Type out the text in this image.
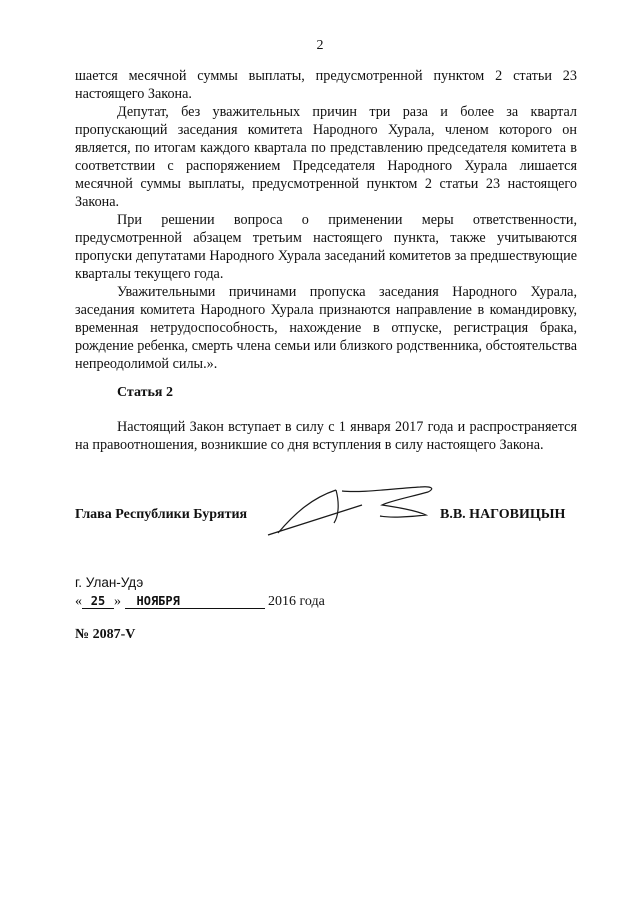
2

шается месячной суммы выплаты, предусмотренной пунктом 2 статьи 23 настоящего Закона.

Депутат, без уважительных причин три раза и более за квартал пропускающий заседания комитета Народного Хурала, членом которого он является, по итогам каждого квартала по представлению председателя комитета в соответствии с распоряжением Председателя Народного Хурала лишается месячной суммы выплаты, предусмотренной пунктом 2 статьи 23 настоящего Закона.

При решении вопроса о применении меры ответственности, предусмотренной абзацем третьим настоящего пункта, также учитываются пропуски депутатами Народного Хурала заседаний комитетов за предшествующие кварталы текущего года.

Уважительными причинами пропуска заседания Народного Хурала, заседания комитета Народного Хурала признаются направление в командировку, временная нетрудоспособность, нахождение в отпуске, регистрация брака, рождение ребенка, смерть члена семьи или близкого родственника, обстоятельства непреодолимой силы.».

Статья 2

Настоящий Закон вступает в силу с 1 января 2017 года и распространяется на правоотношения, возникшие со дня вступления в силу настоящего Закона.

Глава Республики Бурятия	В.В. НАГОВИЦЫН
г. Улан-Удэ
« 25 » НОЯБРЯ	2016 года
№ 2087-V
